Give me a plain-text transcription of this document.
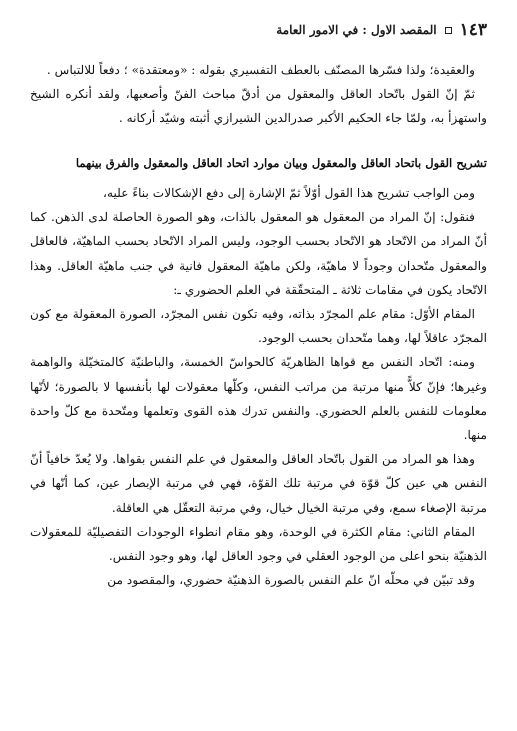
١٤٣
المقصد الاول : في الامور العامة

والعقيدة؛ ولذا فسّرها المصنّف بالعطف التفسيري بقوله : «ومعتقدة» ؛ دفعاً للالتباس .

ثمّ إنّ القول باتّحاد العاقل والمعقول من أدقّ مباحث الفنّ وأصعبها، ولقد أنكره الشيخ واستهزأ به، ولمّا جاء الحكيم الأكبر صدرالدين الشيرازي أثبته وشيّد أركانه .

تشريح القول باتحاد العاقل والمعقول وبيان موارد اتحاد العاقل والمعقول والفرق بينهما

ومن الواجب تشريح هذا القول أوّلاً ثمّ الإشارة إلى دفع الإشكالات بناءً عليه،

فنقول: إنّ المراد من المعقول هو المعقول بالذات، وهو الصورة الحاصلة لدى الذهن. كما أنّ المراد من الاتّحاد هو الاتّحاد بحسب الوجود، وليس المراد الاتّحاد بحسب الماهيّة، فالعاقل والمعقول متّحدان وجوداً لا ماهيّة، ولكن ماهيّة المعقول فانية في جنب ماهيّة العاقل. وهذا الاتّحاد يكون في مقامات ثلاثة ـ المتحقّقة في العلم الحضوري ـ:

المقام الأوّل: مقام علم المجرّد بذاته، وفيه تكون نفس المجرّد، الصورة المعقولة مع كون المجرّد عاقلاً لها، وهما متّحدان بحسب الوجود.

ومنه: اتّحاد النفس مع قواها الظاهريّة كالحواسّ الخمسة، والباطنيّة كالمتخيّلة والواهمة وغيرها؛ فإنّ كلاًّ منها مرتبة من مراتب النفس، وكلّها معقولات لها بأنفسها لا بالصورة؛ لأنّها معلومات للنفس بالعلم الحضوري. والنفس تدرك هذه القوى وتعلمها ومتّحدة مع كلّ واحدة منها.

وهذا هو المراد من القول باتّحاد العاقل والمعقول في علم النفس بقواها. ولا يُعدّ خافياً أنّ النفس هي عين كلّ قوّة في مرتبة تلك القوّة، فهي في مرتبة الإبصار عين، كما أنّها في مرتبة الإصغاء سمع، وفي مرتبة الخيال خيال، وفي مرتبة التعقّل هي العاقلة.

المقام الثاني: مقام الكثرة في الوحدة، وهو مقام انطواء الوجودات التفصيليّة للمعقولات الذهنيّة بنحو اعلى من الوجود العقلي في وجود العاقل لها، وهو وجود النفس.

وقد تبيّن في محلّه انّ علم النفس بالصورة الذهنيّة حضوري، والمقصود من
